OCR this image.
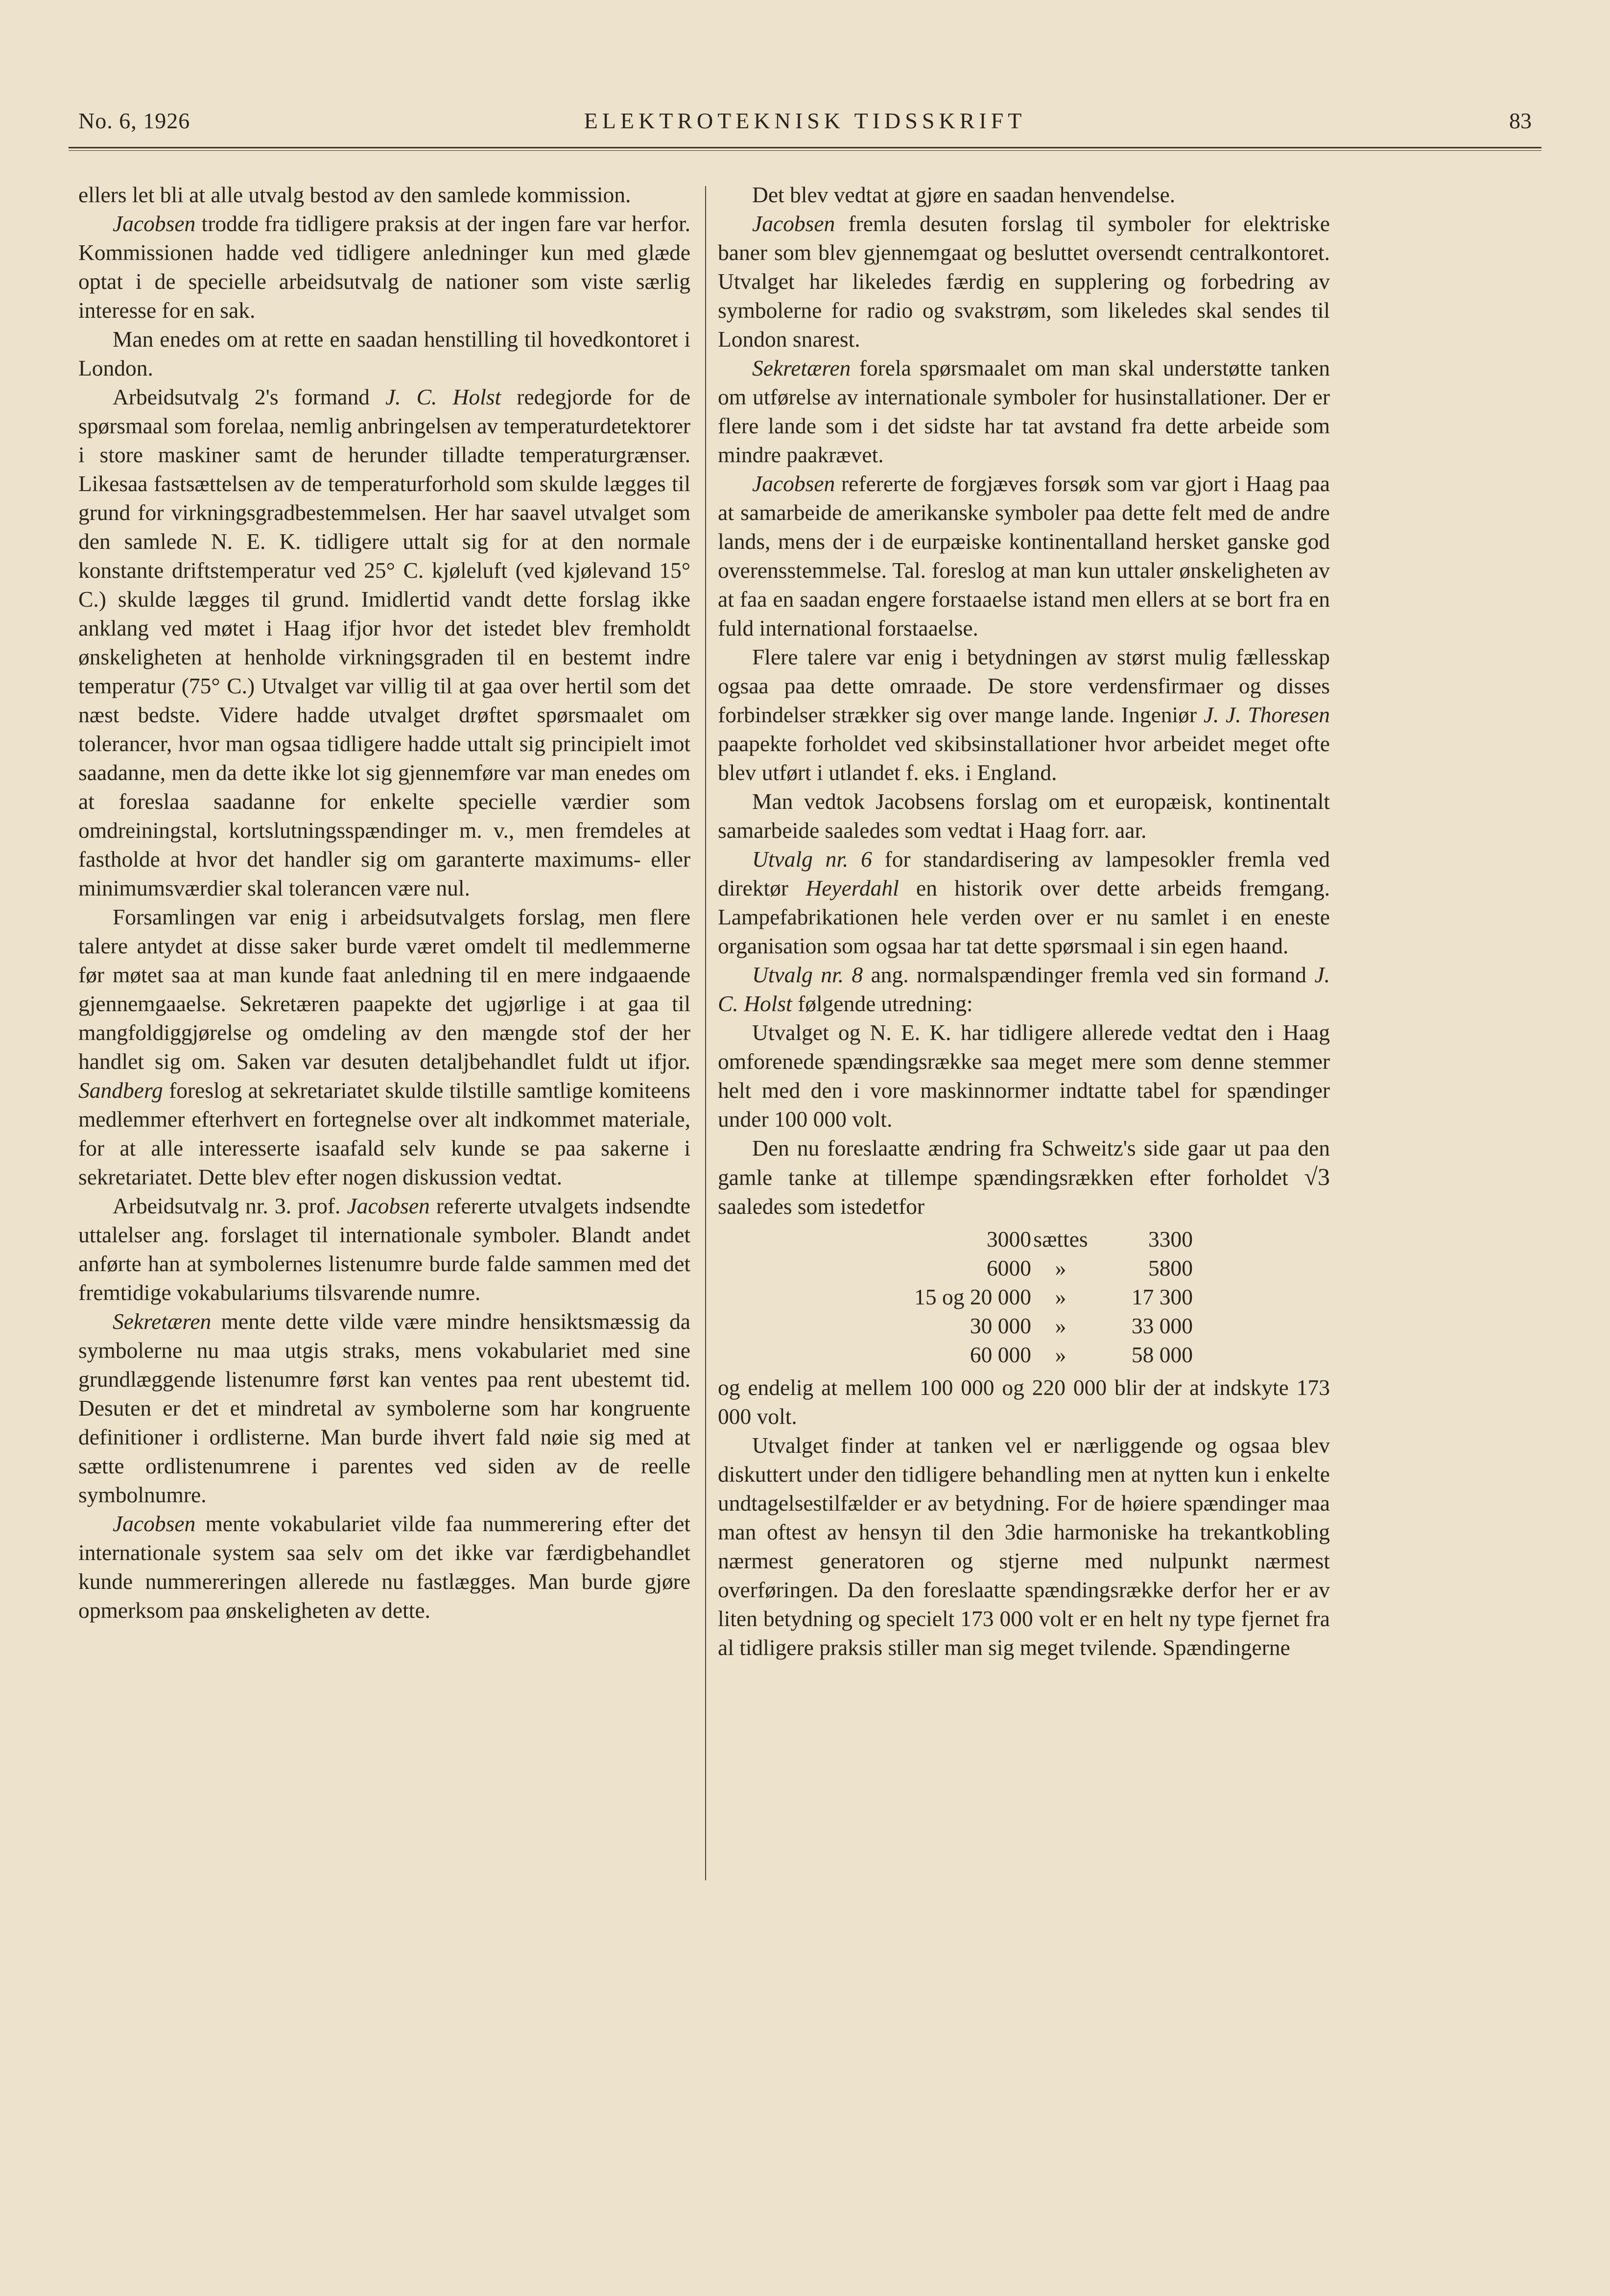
No. 6, 1926	ELEKTROTEKNISK TIDSSKRIFT	83

ellers let bli at alle utvalg bestod av den samlede kommission.

Jacobsen trodde fra tidligere praksis at der ingen fare var herfor. Kommissionen hadde ved tidligere anledninger kun med glæde optat i de specielle arbeidsutvalg de nationer som viste særlig interesse for en sak.

Man enedes om at rette en saadan henstilling til hovedkontoret i London.

Arbeidsutvalg 2's formand J. C. Holst redegjorde for de spørsmaal som forelaa, nemlig anbringelsen av temperaturdetektorer i store maskiner samt de herunder tilladte temperaturgrænser. Likesaa fastsættelsen av de temperaturforhold som skulde lægges til grund for virkningsgradbestemmelsen. Her har saavel utvalget som den samlede N. E. K. tidligere uttalt sig for at den normale konstante driftstemperatur ved 25° C. kjøleluft (ved kjølevand 15° C.) skulde lægges til grund. Imidlertid vandt dette forslag ikke anklang ved møtet i Haag ifjor hvor det istedet blev fremholdt ønskeligheten at henholde virkningsgraden til en bestemt indre temperatur (75° C.) Utvalget var villig til at gaa over hertil som det næst bedste. Videre hadde utvalget drøftet spørsmaalet om tolerancer, hvor man ogsaa tidligere hadde uttalt sig principielt imot saadanne, men da dette ikke lot sig gjennemføre var man enedes om at foreslaa saadanne for enkelte specielle værdier som omdreiningstal, kortslutningsspændinger m. v., men fremdeles at fastholde at hvor det handler sig om garanterte maximums- eller minimumsværdier skal tolerancen være nul.

Forsamlingen var enig i arbeidsutvalgets forslag, men flere talere antydet at disse saker burde været omdelt til medlemmerne før møtet saa at man kunde faat anledning til en mere indgaaende gjennemgaaelse. Sekretæren paapekte det ugjørlige i at gaa til mangfoldiggjørelse og omdeling av den mængde stof der her handlet sig om. Saken var desuten detaljbehandlet fuldt ut ifjor. Sandberg foreslog at sekretariatet skulde tilstille samtlige komiteens medlemmer efterhvert en fortegnelse over alt indkommet materiale, for at alle interesserte isaafald selv kunde se paa sakerne i sekretariatet. Dette blev efter nogen diskussion vedtat.

Arbeidsutvalg nr. 3. prof. Jacobsen refererte utvalgets indsendte uttalelser ang. forslaget til internationale symboler. Blandt andet anførte han at symbolernes listenumre burde falde sammen med det fremtidige vokabulariums tilsvarende numre.

Sekretæren mente dette vilde være mindre hensiktsmæssig da symbolerne nu maa utgis straks, mens vokabulariet med sine grundlæggende listenumre først kan ventes paa rent ubestemt tid. Desuten er det et mindretal av symbolerne som har kongruente definitioner i ordlisterne. Man burde ihvert fald nøie sig med at sætte ordlistenumrene i parentes ved siden av de reelle symbolnumre.

Jacobsen mente vokabulariet vilde faa nummerering efter det internationale system saa selv om det ikke var færdigbehandlet kunde nummereringen allerede nu fastlægges. Man burde gjøre opmerksom paa ønskeligheten av dette.

Det blev vedtat at gjøre en saadan henvendelse.

Jacobsen fremla desuten forslag til symboler for elektriske baner som blev gjennemgaat og besluttet oversendt centralkontoret. Utvalget har likeledes færdig en supplering og forbedring av symbolerne for radio og svakstrøm, som likeledes skal sendes til London snarest.

Sekretæren forela spørsmaalet om man skal understøtte tanken om utførelse av internationale symboler for husinstallationer. Der er flere lande som i det sidste har tat avstand fra dette arbeide som mindre paakrævet.

Jacobsen refererte de forgjæves forsøk som var gjort i Haag paa at samarbeide de amerikanske symboler paa dette felt med de andre lands, mens der i de eurpæiske kontinentalland hersket ganske god overensstemmelse. Tal. foreslog at man kun uttaler ønskeligheten av at faa en saadan engere forstaaelse istand men ellers at se bort fra en fuld international forstaaelse.

Flere talere var enig i betydningen av størst mulig fællesskap ogsaa paa dette omraade. De store verdensfirmaer og disses forbindelser strækker sig over mange lande. Ingeniør J. J. Thoresen paapekte forholdet ved skibsinstallationer hvor arbeidet meget ofte blev utført i utlandet f. eks. i England.

Man vedtok Jacobsens forslag om et europæisk, kontinentalt samarbeide saaledes som vedtat i Haag forr. aar.

Utvalg nr. 6 for standardisering av lampesokler fremla ved direktør Heyerdahl en historik over dette arbeids fremgang. Lampefabrikationen hele verden over er nu samlet i en eneste organisation som ogsaa har tat dette spørsmaal i sin egen haand.

Utvalg nr. 8 ang. normalspændinger fremla ved sin formand J. C. Holst følgende utredning:

Utvalget og N. E. K. har tidligere allerede vedtat den i Haag omforenede spændingsrække saa meget mere som denne stemmer helt med den i vore maskinnormer indtatte tabel for spændinger under 100 000 volt.

Den nu foreslaatte ændring fra Schweitz's side gaar ut paa den gamle tanke at tillempe spændingsrækken efter forholdet √3 saaledes som istedetfor

3000 sættes	3300
6000	»	5800
15 og 20 000	»	17 300
30 000	»	33 000
60 000	»	58 000

og endelig at mellem 100 000 og 220 000 blir der at indskyte 173 000 volt.

Utvalget finder at tanken vel er nærliggende og ogsaa blev diskuttert under den tidligere behandling men at nytten kun i enkelte undtagelsestilfælder er av betydning. For de høiere spændinger maa man oftest av hensyn til den 3die harmoniske ha trekantkobling nærmest generatoren og stjerne med nulpunkt nærmest overføringen. Da den foreslaatte spændingsrække derfor her er av liten betydning og specielt 173 000 volt er en helt ny type fjernet fra al tidligere praksis stiller man sig meget tvilende. Spændingerne
